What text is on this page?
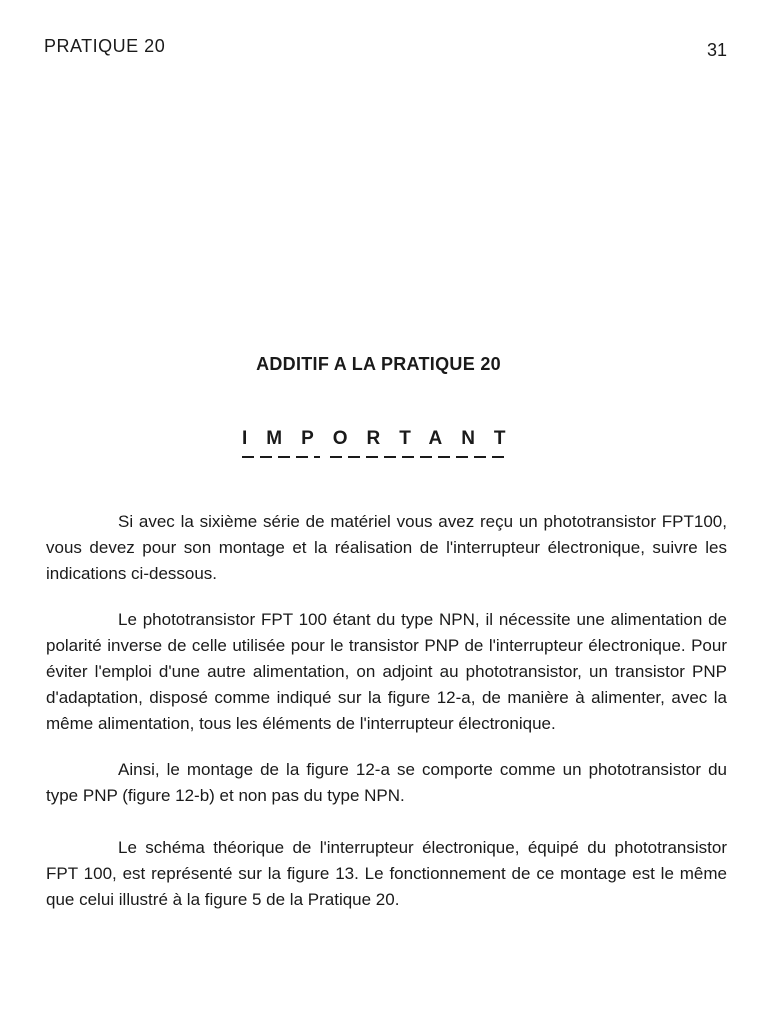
PRATIQUE 20	31
ADDITIF A LA PRATIQUE 20
IMPORTANT

Si avec la sixième série de matériel vous avez reçu un phototransistor FPT100, vous devez pour son montage et la réalisation de l'interrupteur électronique, suivre les indications ci-dessous.

Le phototransistor FPT 100 étant du type NPN, il nécessite une alimentation de polarité inverse de celle utilisée pour le transistor PNP de l'interrupteur électronique. Pour éviter l'emploi d'une autre alimentation, on adjoint au phototransistor, un transistor PNP d'adaptation, disposé comme indiqué sur la figure 12-a, de manière à alimenter, avec la même alimentation, tous les éléments de l'interrupteur électronique.

Ainsi, le montage de la figure 12-a se comporte comme un phototransistor du type PNP (figure 12-b) et non pas du type NPN.

Le schéma théorique de l'interrupteur électronique, équipé du phototransistor FPT 100, est représenté sur la figure 13. Le fonctionnement de ce montage est le même que celui illustré à la figure 5 de la Pratique 20.
